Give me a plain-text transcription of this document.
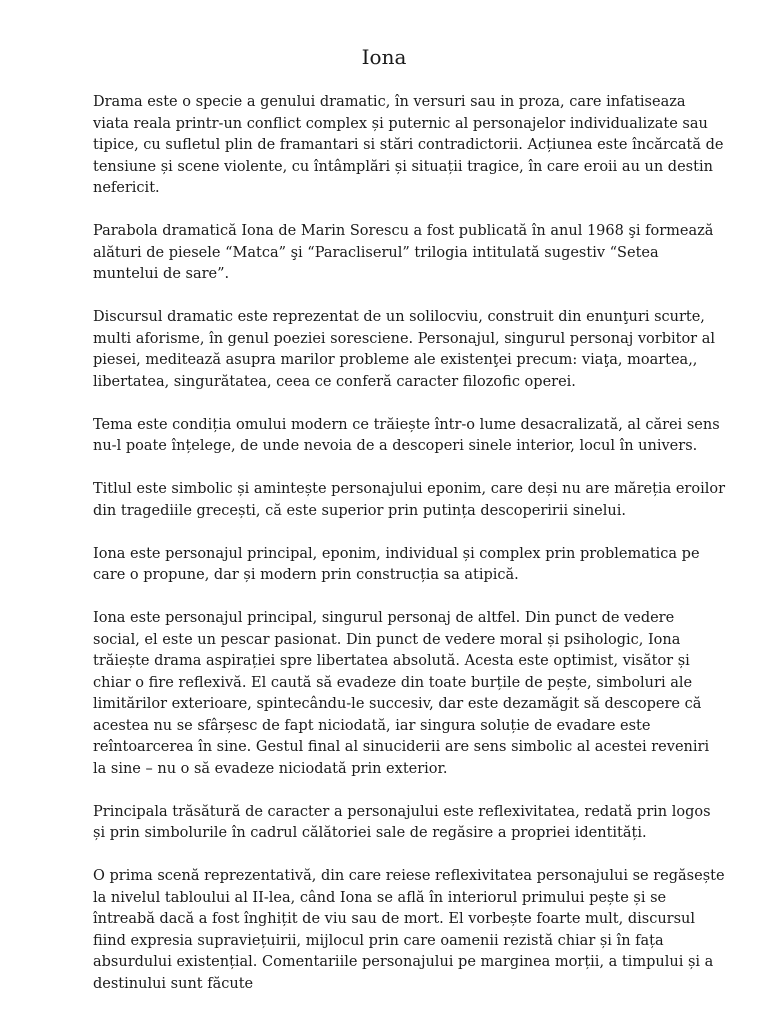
Iona

Drama este o specie a genului dramatic, în versuri sau in proza, care infatiseaza viata reala printr-un conflict complex și puternic al personajelor individualizate sau tipice, cu sufletul plin de framantari si stări contradictorii. Acțiunea este încărcată de tensiune și scene violente, cu întâmplări și situații tragice, în care eroii au un destin nefericit.

Parabola dramatică Iona de Marin Sorescu a fost publicată în anul 1968 şi formează alături de piesele “Matca” şi “Paracliserul” trilogia intitulată sugestiv “Setea muntelui de sare”.

Discursul dramatic este reprezentat de un solilocviu, construit din enunţuri scurte, multi aforisme, în genul poeziei soresciene. Personajul, singurul personaj vorbitor al piesei, meditează asupra marilor probleme ale existenţei precum: viaţa, moartea,, libertatea, singurătatea, ceea ce conferă caracter filozofic operei.

Tema este condiția omului modern ce trăiește într-o lume desacralizată, al cărei sens nu-l poate înțelege, de unde nevoia de a descoperi sinele interior, locul în univers.

Titlul este simbolic și amintește personajului eponim, care deși nu are măreția eroilor din tragediile grecești, că este superior prin putința descoperirii sinelui.

Iona este personajul principal, eponim, individual și complex prin problematica pe care o propune, dar și modern prin construcția sa atipică.

Iona este personajul principal, singurul personaj de altfel. Din punct de vedere social, el este un pescar pasionat. Din punct de vedere moral și psihologic, Iona trăiește drama aspirației spre libertatea absolută. Acesta este optimist, visător și chiar o fire reflexivă. El caută să evadeze din toate burțile de pește, simboluri ale limitărilor exterioare, spintecându-le succesiv, dar este dezamăgit să descopere că acestea nu se sfârșesc de fapt niciodată, iar singura soluție de evadare este reîntoarcerea în sine. Gestul final al sinuciderii are sens simbolic al acestei reveniri la sine – nu o să evadeze niciodată prin exterior.

Principala trăsătură de caracter a personajului este reflexivitatea, redată prin logos și prin simbolurile în cadrul călătoriei sale de regăsire a propriei identități.

O prima scenă reprezentativă, din care reiese reflexivitatea personajului se regăsește la nivelul tabloului al II-lea, când Iona se află în interiorul primului pește și se întreabă dacă a fost înghițit de viu sau de mort. El vorbește foarte mult, discursul fiind expresia supraviețuirii, mijlocul prin care oamenii rezistă chiar și în fața absurdului existențial. Comentariile personajului pe marginea morții, a timpului și a destinului sunt făcute
